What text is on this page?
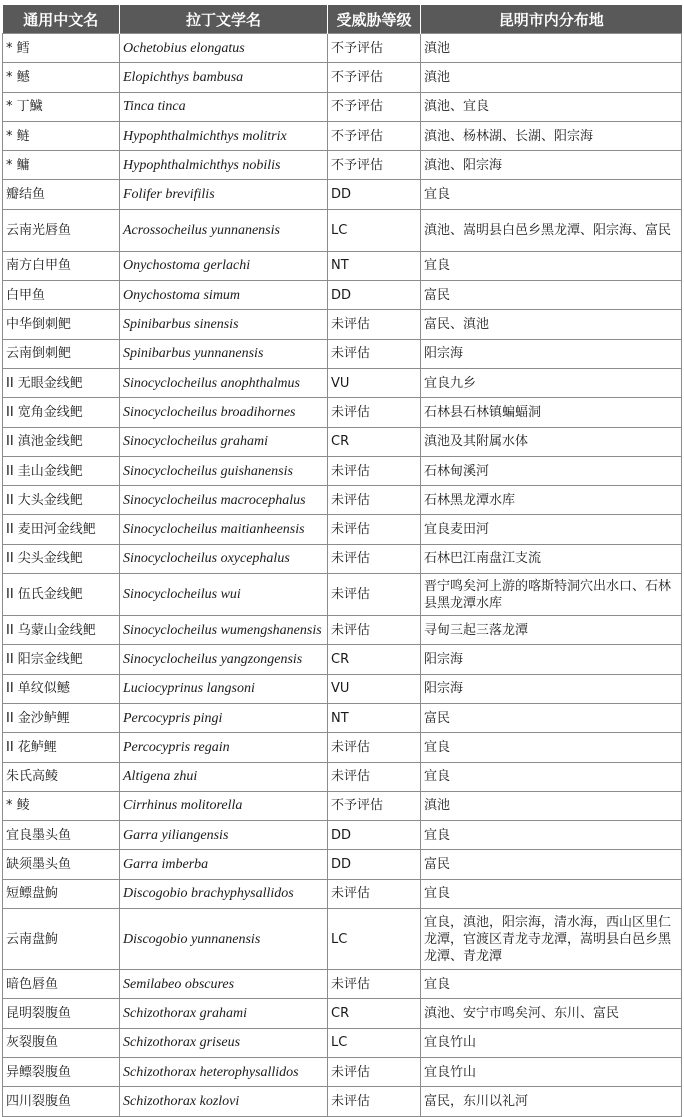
通用中文名	拉丁文学名	受威胁等级	昆明市内分布地
* 鳕	Ochetobius elongatus	不予评估	滇池
* 鳡	Elopichthys bambusa	不予评估	滇池
* 丁鱥	Tinca tinca	不予评估	滇池、宜良
* 鲢	Hypophthalmichthys molitrix	不予评估	滇池、杨林湖、长湖、阳宗海
* 鳙	Hypophthalmichthys nobilis	不予评估	滇池、阳宗海
瓣结鱼	Folifer brevifilis	DD	宜良
云南光唇鱼	Acrossocheilus yunnanensis	LC	滇池、嵩明县白邑乡黑龙潭、阳宗海、富民
南方白甲鱼	Onychostoma gerlachi	NT	宜良
白甲鱼	Onychostoma simum	DD	富民
中华倒刺鲃	Spinibarbus sinensis	未评估	富民、滇池
云南倒刺鲃	Spinibarbus yunnanensis	未评估	阳宗海
II 无眼金线鲃	Sinocyclocheilus anophthalmus	VU	宜良九乡
II 宽角金线鲃	Sinocyclocheilus broadihornes	未评估	石林县石林镇蝙蝠洞
II 滇池金线鲃	Sinocyclocheilus grahami	CR	滇池及其附属水体
II 圭山金线鲃	Sinocyclocheilus guishanensis	未评估	石林甸溪河
II 大头金线鲃	Sinocyclocheilus macrocephalus	未评估	石林黑龙潭水库
II 麦田河金线鲃	Sinocyclocheilus maitianheensis	未评估	宜良麦田河
II 尖头金线鲃	Sinocyclocheilus oxycephalus	未评估	石林巴江南盘江支流
II 伍氏金线鲃	Sinocyclocheilus wui	未评估	晋宁鸣矣河上游的喀斯特洞穴出水口、石林县黑龙潭水库
II 乌蒙山金线鲃	Sinocyclocheilus wumengshanensis	未评估	寻甸三起三落龙潭
II 阳宗金线鲃	Sinocyclocheilus yangzongensis	CR	阳宗海
II 单纹似鳡	Luciocyprinus langsoni	VU	阳宗海
II 金沙鲈鲤	Percocypris pingi	NT	富民
II 花鲈鲤	Percocypris regain	未评估	宜良
朱氏高鲮	Altigena zhui	未评估	宜良
* 鲮	Cirrhinus molitorella	不予评估	滇池
宜良墨头鱼	Garra yiliangensis	DD	宜良
缺须墨头鱼	Garra imberba	DD	富民
短鳔盘鮈	Discogobio brachyphysallidos	未评估	宜良
云南盘鮈	Discogobio yunnanensis	LC	宜良，滇池，阳宗海，清水海，西山区里仁龙潭，官渡区青龙寺龙潭，嵩明县白邑乡黑龙潭、青龙潭
暗色唇鱼	Semilabeo obscures	未评估	宜良
昆明裂腹鱼	Schizothorax grahami	CR	滇池、安宁市鸣矣河、东川、富民
灰裂腹鱼	Schizothorax griseus	LC	宜良竹山
异鳔裂腹鱼	Schizothorax heterophysallidos	未评估	宜良竹山
四川裂腹鱼	Schizothorax kozlovi	未评估	富民，东川以礼河
